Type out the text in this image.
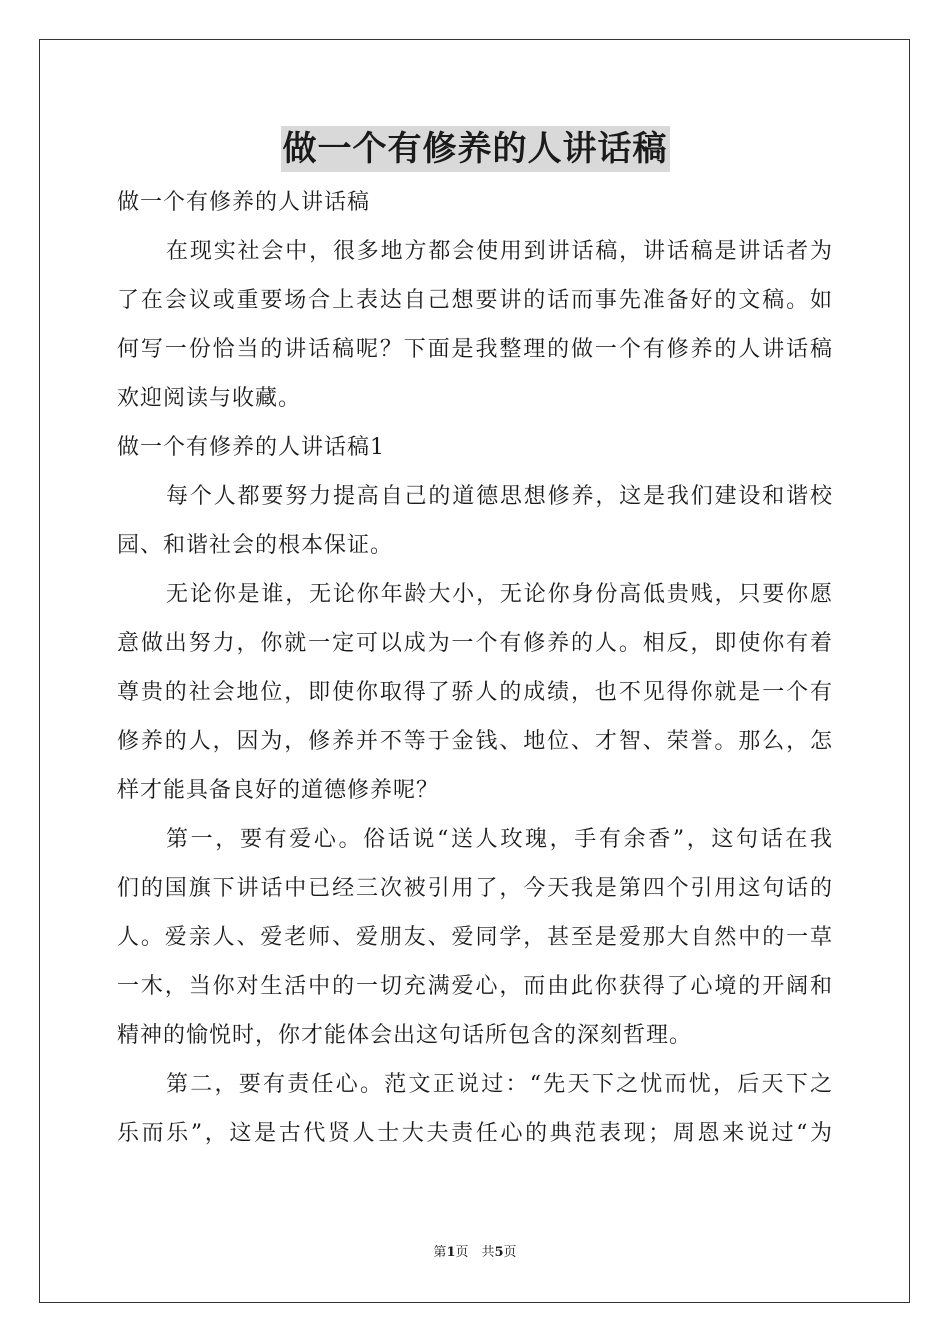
做一个有修养的人讲话稿
做一个有修养的人讲话稿
在现实社会中，很多地方都会使用到讲话稿，讲话稿是讲话者为
了在会议或重要场合上表达自己想要讲的话而事先准备好的文稿。如
何写一份恰当的讲话稿呢？下面是我整理的做一个有修养的人讲话稿
欢迎阅读与收藏。
做一个有修养的人讲话稿1
每个人都要努力提高自己的道德思想修养，这是我们建设和谐校
园、和谐社会的根本保证。
无论你是谁，无论你年龄大小，无论你身份高低贵贱，只要你愿
意做出努力，你就一定可以成为一个有修养的人。相反，即使你有着
尊贵的社会地位，即使你取得了骄人的成绩，也不见得你就是一个有
修养的人，因为，修养并不等于金钱、地位、才智、荣誉。那么，怎
样才能具备良好的道德修养呢？
第一，要有爱心。俗话说“送人玫瑰，手有余香”，这句话在我
们的国旗下讲话中已经三次被引用了，今天我是第四个引用这句话的
人。爱亲人、爱老师、爱朋友、爱同学，甚至是爱那大自然中的一草
一木，当你对生活中的一切充满爱心，而由此你获得了心境的开阔和
精神的愉悦时，你才能体会出这句话所包含的深刻哲理。
第二，要有责任心。范文正说过：“先天下之忧而忧，后天下之
乐而乐”，这是古代贤人士大夫责任心的典范表现；周恩来说过“为
第1页　共5页
